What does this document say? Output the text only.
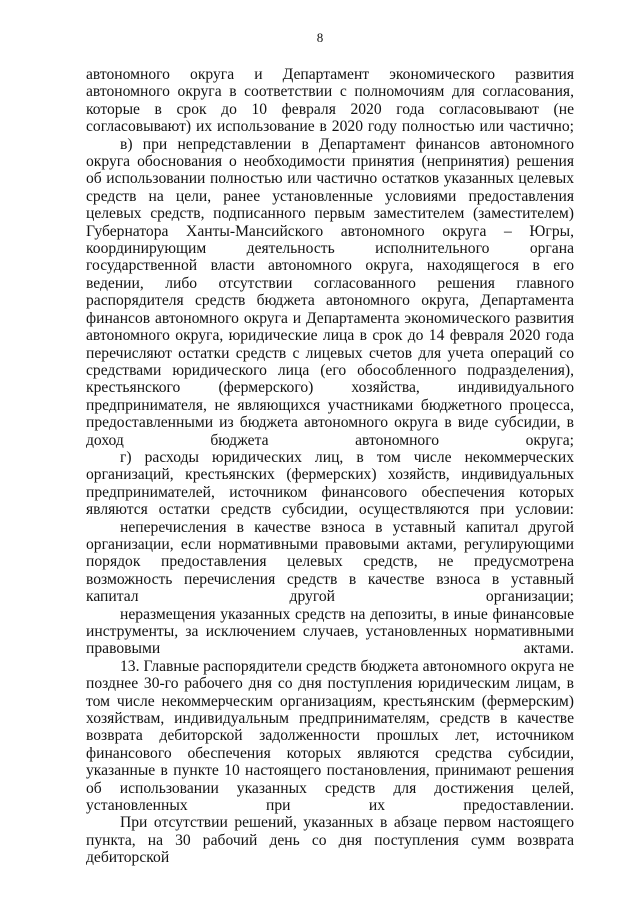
8

автономного округа и Департамент экономического развития автономного округа в соответствии с полномочиям для согласования, которые в срок до 10 февраля 2020 года согласовывают (не согласовывают) их использование в 2020 году полностью или частично;

в) при непредставлении в Департамент финансов автономного округа обоснования о необходимости принятия (непринятия) решения об использовании полностью или частично остатков указанных целевых средств на цели, ранее установленные условиями предоставления целевых средств, подписанного первым заместителем (заместителем) Губернатора Ханты-Мансийского автономного округа – Югры, координирующим деятельность исполнительного органа государственной власти автономного округа, находящегося в его ведении, либо отсутствии согласованного решения главного распорядителя средств бюджета автономного округа, Департамента финансов автономного округа и Департамента экономического развития автономного округа, юридические лица в срок до 14 февраля 2020 года перечисляют остатки средств с лицевых счетов для учета операций со средствами юридического лица (его обособленного подразделения), крестьянского (фермерского) хозяйства, индивидуального предпринимателя, не являющихся участниками бюджетного процесса, предоставленными из бюджета автономного округа в виде субсидии, в доход бюджета автономного округа;

г) расходы юридических лиц, в том числе некоммерческих организаций, крестьянских (фермерских) хозяйств, индивидуальных предпринимателей, источником финансового обеспечения которых являются остатки средств субсидии, осуществляются при условии:

неперечисления в качестве взноса в уставный капитал другой организации, если нормативными правовыми актами, регулирующими порядок предоставления целевых средств, не предусмотрена возможность перечисления средств в качестве взноса в уставный капитал другой организации;

неразмещения указанных средств на депозиты, в иные финансовые инструменты, за исключением случаев, установленных нормативными правовыми актами.

13. Главные распорядители средств бюджета автономного округа не позднее 30-го рабочего дня со дня поступления юридическим лицам, в том числе некоммерческим организациям, крестьянским (фермерским) хозяйствам, индивидуальным предпринимателям, средств в качестве возврата дебиторской задолженности прошлых лет, источником финансового обеспечения которых являются средства субсидии, указанные в пункте 10 настоящего постановления, принимают решения об использовании указанных средств для достижения целей, установленных при их предоставлении.

При отсутствии решений, указанных в абзаце первом настоящего пункта, на 30 рабочий день со дня поступления сумм возврата дебиторской
